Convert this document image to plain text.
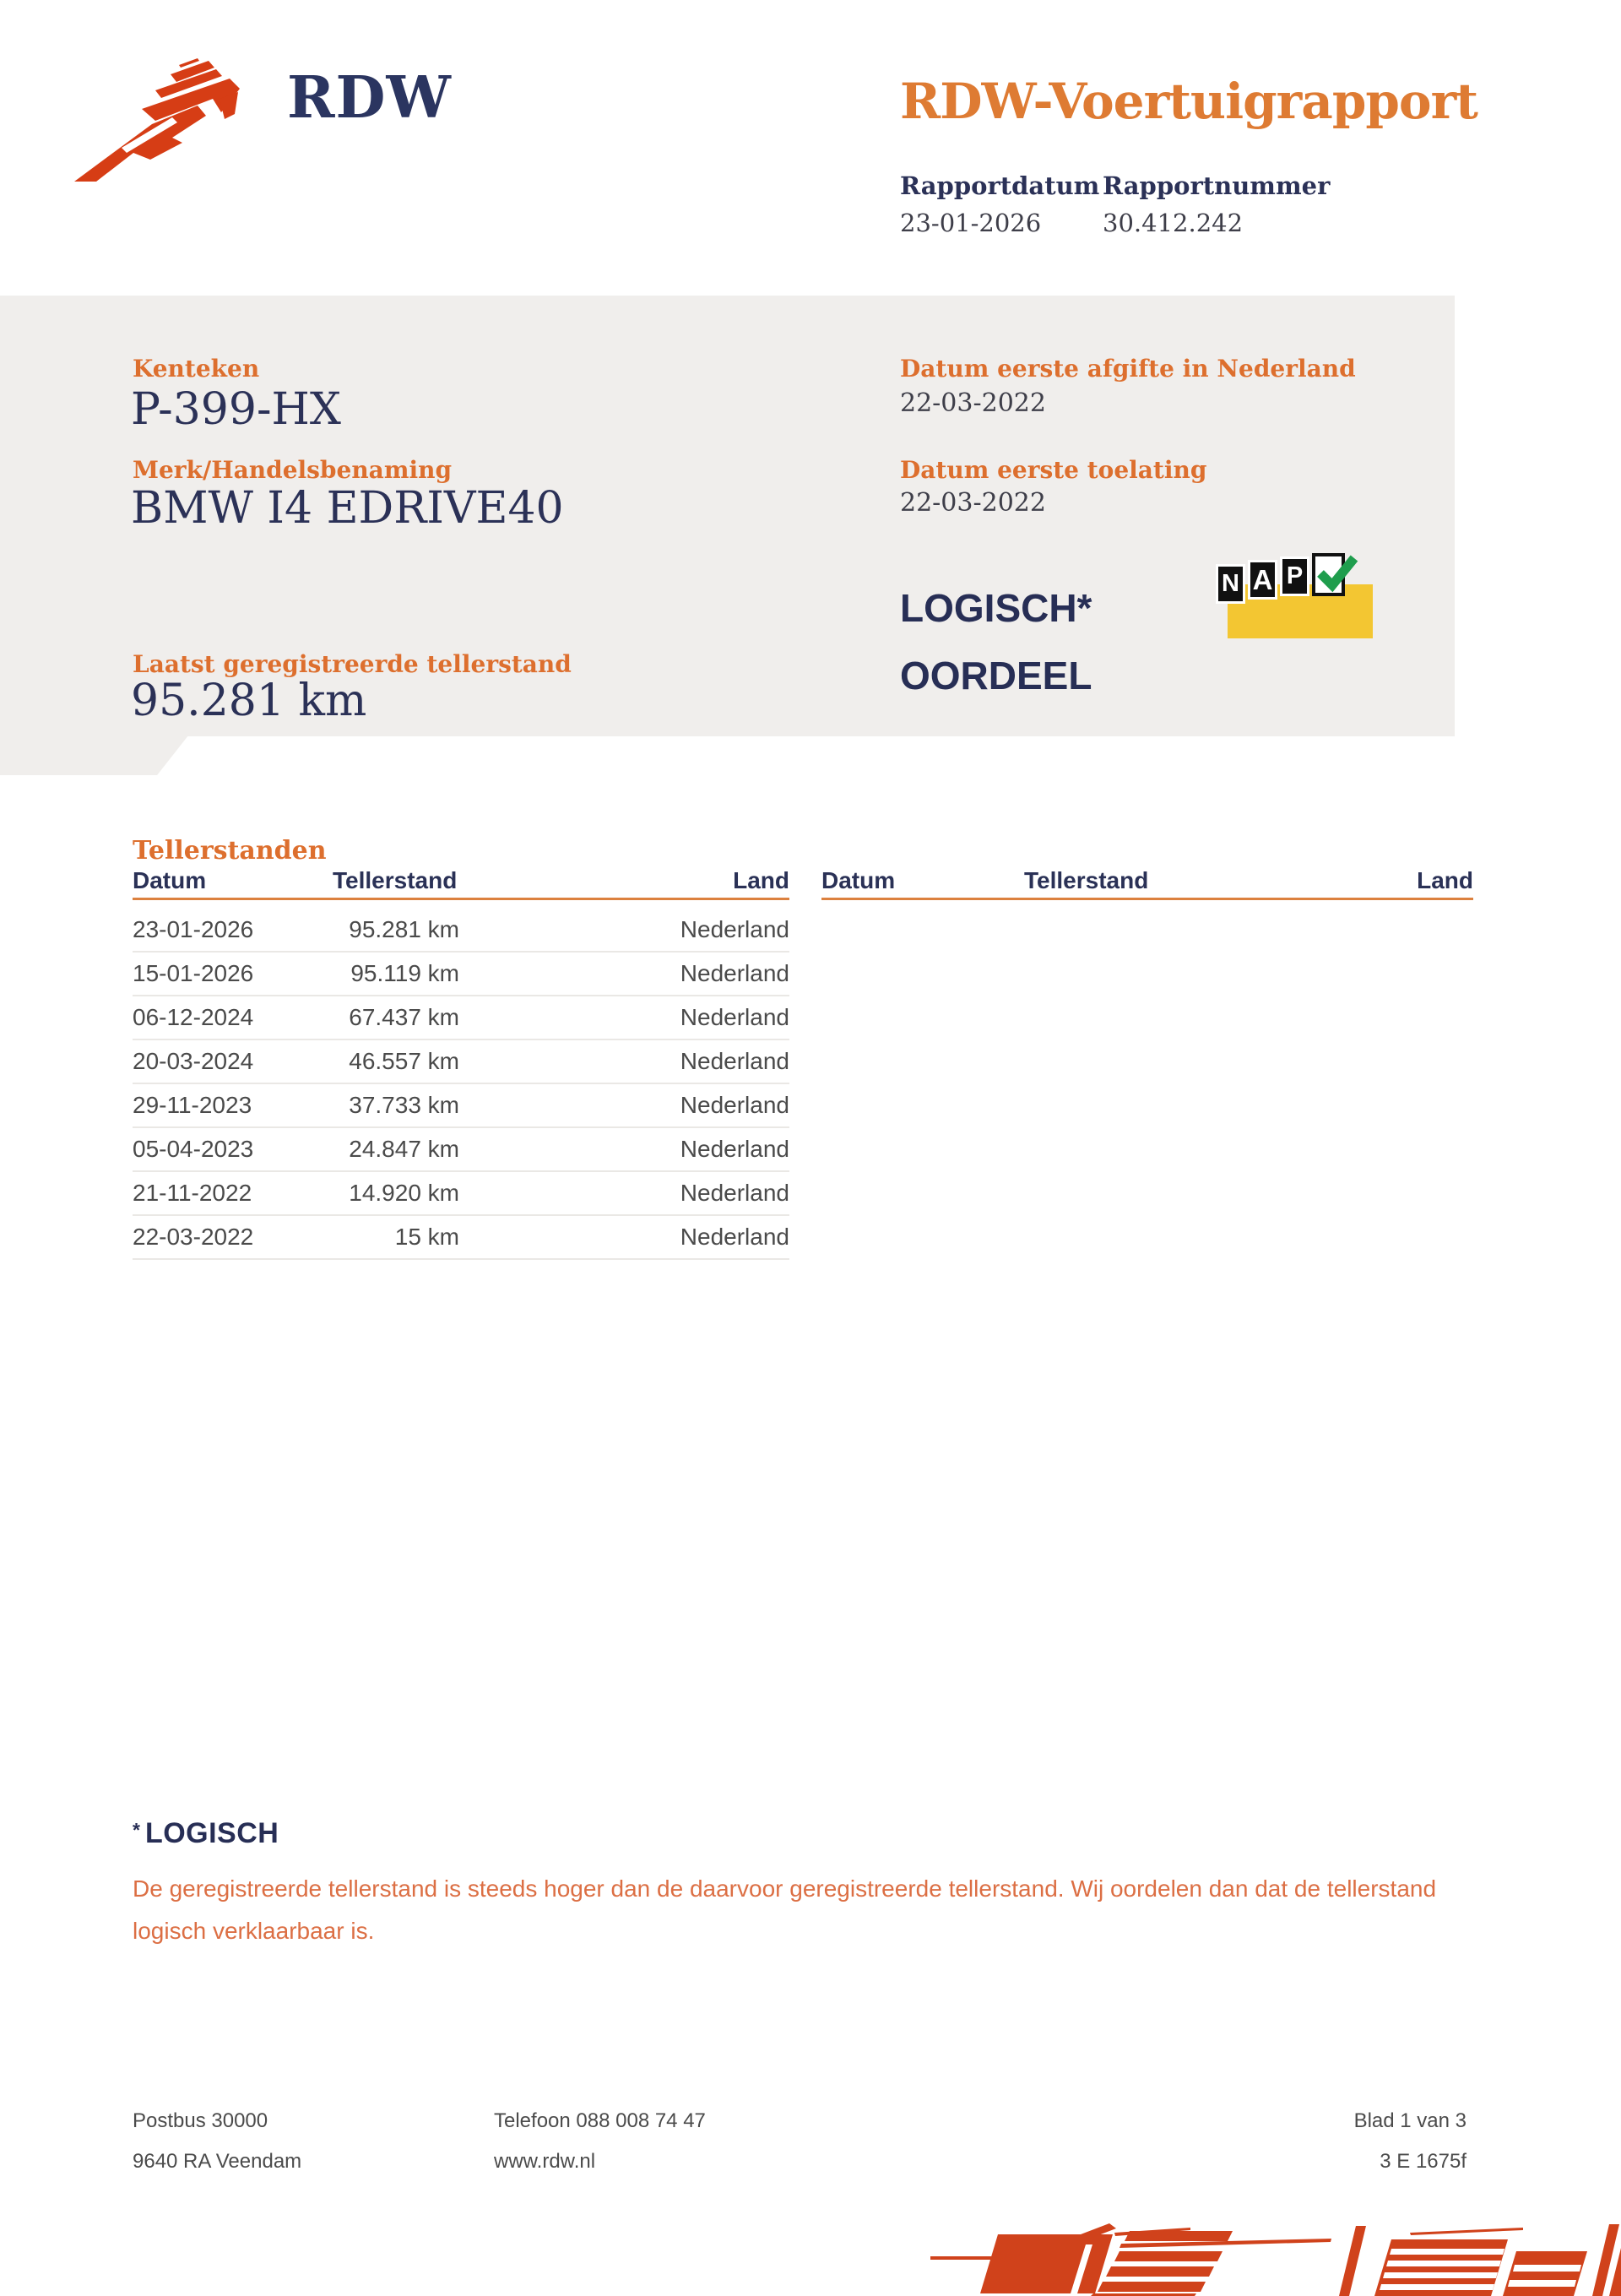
RDW	RDW-Voertuigrapport
Rapportdatum Rapportnummer
23-01-2026	30.412.242
Kenteken
P-399-HX
Merk/Handelsbenaming
BMW I4 EDRIVE40
Datum eerste afgifte in Nederland
22-03-2022
Datum eerste toelating
22-03-2022
LOGISCH*
OORDEEL
N A P
Laatst geregistreerde tellerstand
95.281 km
Tellerstanden
Datum	Tellerstand	Land
23-01-2026	95.281 km	Nederland
15-01-2026	95.119 km	Nederland
06-12-2024	67.437 km	Nederland
20-03-2024	46.557 km	Nederland
29-11-2023	37.733 km	Nederland
05-04-2023	24.847 km	Nederland
21-11-2022	14.920 km	Nederland
22-03-2022	15 km	Nederland
Datum	Tellerstand	Land
* LOGISCH
De geregistreerde tellerstand is steeds hoger dan de daarvoor geregistreerde tellerstand. Wij oordelen dan dat de tellerstand logisch verklaarbaar is.
Postbus 30000
9640 RA Veendam
Telefoon 088 008 74 47
www.rdw.nl
Blad 1 van 3
3 E 1675f
